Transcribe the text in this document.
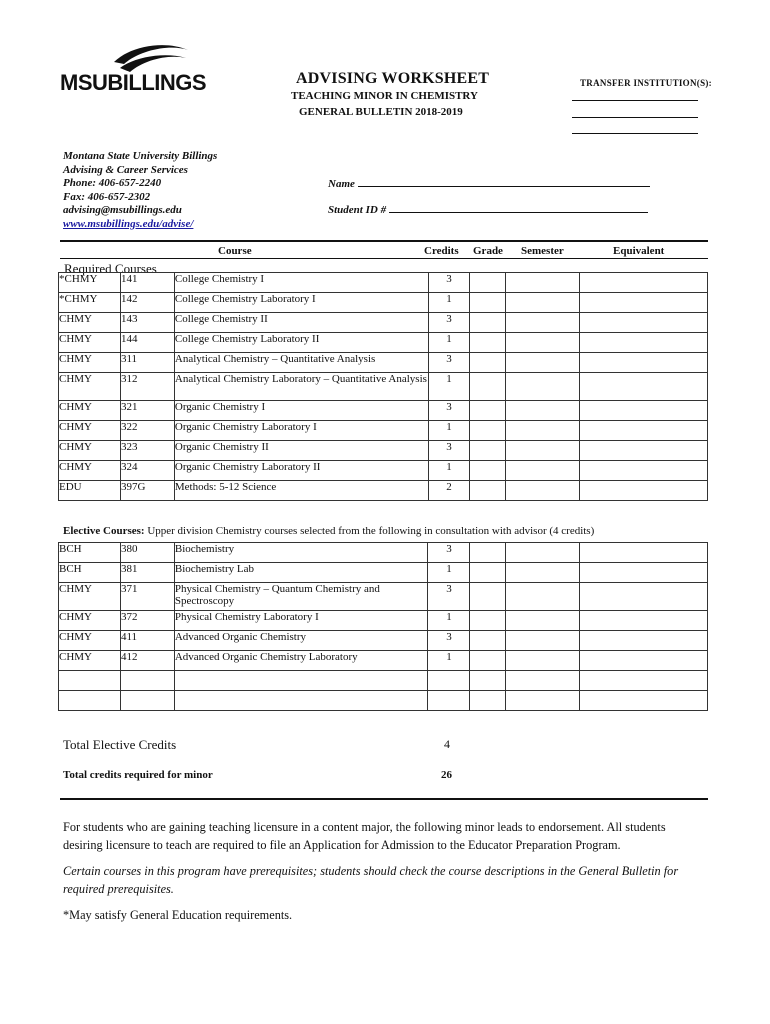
MSUBILLINGS	ADVISING WORKSHEET
TEACHING MINOR IN CHEMISTRY
GENERAL BULLETIN 2018-2019
TRANSFER INSTITUTION(S):
Montana State University Billings
Advising & Career Services
Phone: 406-657-2240
Fax: 406-657-2302
advising@msubillings.edu
www.msubillings.edu/advise/
Name
Student ID #
Course	Credits Grade Semester	Equivalent
Required Courses
*CHMY	141	College Chemistry I	3			
*CHMY	142	College Chemistry Laboratory I	1			
CHMY	143	College Chemistry II	3			
CHMY	144	College Chemistry Laboratory II	1			
CHMY	311	Analytical Chemistry – Quantitative Analysis	3			
CHMY	312	Analytical Chemistry Laboratory – Quantitative Analysis	1			
CHMY	321	Organic Chemistry I	3			
CHMY	322	Organic Chemistry Laboratory I	1			
CHMY	323	Organic Chemistry II	3			
CHMY	324	Organic Chemistry Laboratory II	1			
EDU	397G	Methods: 5-12 Science	2			
Elective Courses: Upper division Chemistry courses selected from the following in consultation with advisor (4 credits)
BCH	380	Biochemistry	3			
BCH	381	Biochemistry Lab	1			
CHMY	371	Physical Chemistry – Quantum Chemistry and Spectroscopy	3			
CHMY	372	Physical Chemistry Laboratory I	1			
CHMY	411	Advanced Organic Chemistry	3			
CHMY	412	Advanced Organic Chemistry Laboratory	1			

Total Elective Credits	4
Total credits required for minor	26
For students who are gaining teaching licensure in a content major, the following minor leads to endorsement. All students desiring licensure to teach are required to file an Application for Admission to the Educator Preparation Program.
Certain courses in this program have prerequisites; students should check the course descriptions in the General Bulletin for required prerequisites.
*May satisfy General Education requirements.
